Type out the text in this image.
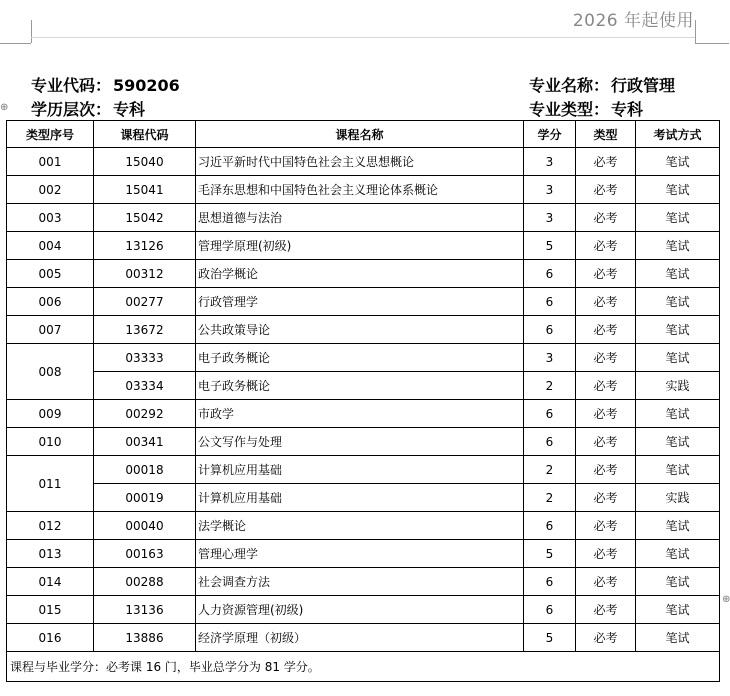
2026 年起使用
⊕
⊕
专业代码： 590206
学历层次： 专科
专业名称： 行政管理
专业类型： 专科
类型序号	课程代码	课程名称	学分	类型	考试方式
001	15040	习近平新时代中国特色社会主义思想概论	3	必考	笔试
002	15041	毛泽东思想和中国特色社会主义理论体系概论	3	必考	笔试
003	15042	思想道德与法治	3	必考	笔试
004	13126	管理学原理(初级)	5	必考	笔试
005	00312	政治学概论	6	必考	笔试
006	00277	行政管理学	6	必考	笔试
007	13672	公共政策导论	6	必考	笔试
008	03333	电子政务概论	3	必考	笔试
	03334	电子政务概论	2	必考	实践
009	00292	市政学	6	必考	笔试
010	00341	公文写作与处理	6	必考	笔试
011	00018	计算机应用基础	2	必考	笔试
	00019	计算机应用基础	2	必考	实践
012	00040	法学概论	6	必考	笔试
013	00163	管理心理学	5	必考	笔试
014	00288	社会调查方法	6	必考	笔试
015	13136	人力资源管理(初级)	6	必考	笔试
016	13886	经济学原理（初级）	5	必考	笔试
课程与毕业学分：必考课 16 门，毕业总学分为 81 学分。					
